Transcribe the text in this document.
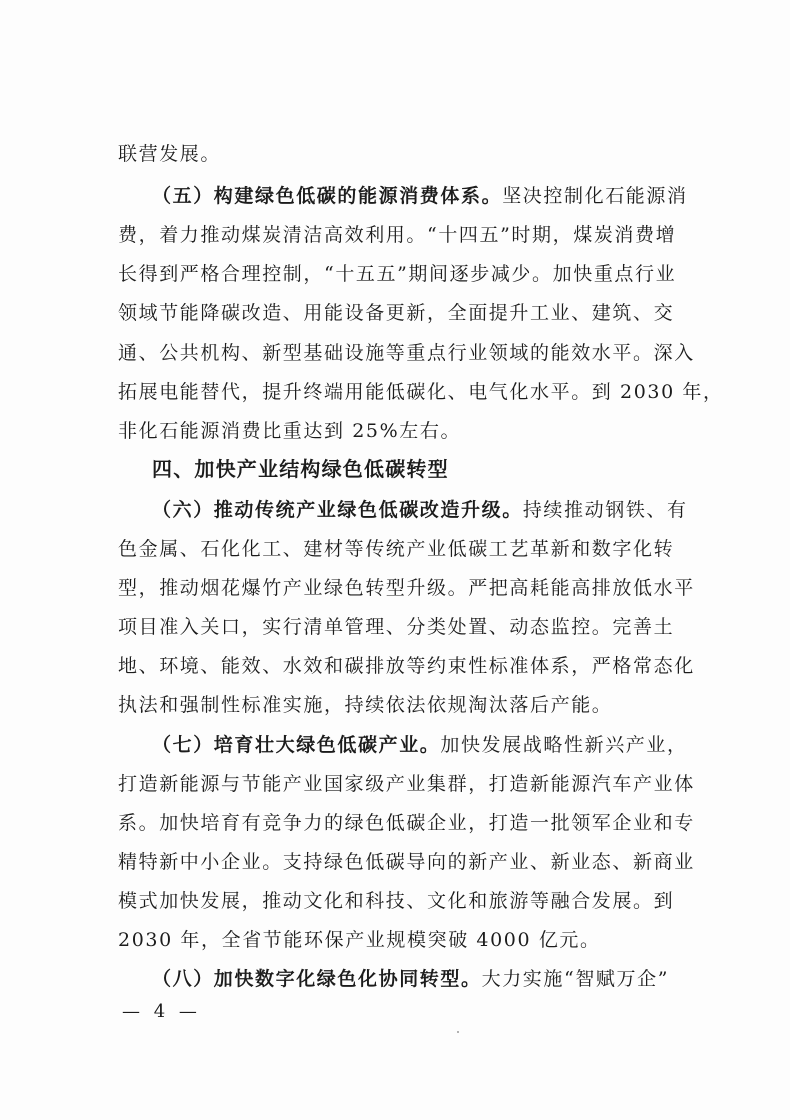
联营发展。
（五）构建绿色低碳的能源消费体系。坚决控制化石能源消
费，着力推动煤炭清洁高效利用。“十四五”时期，煤炭消费增
长得到严格合理控制，“十五五”期间逐步减少。加快重点行业
领域节能降碳改造、用能设备更新，全面提升工业、建筑、交
通、公共机构、新型基础设施等重点行业领域的能效水平。深入
拓展电能替代，提升终端用能低碳化、电气化水平。到 2030 年，
非化石能源消费比重达到 25%左右。
四、加快产业结构绿色低碳转型
（六）推动传统产业绿色低碳改造升级。持续推动钢铁、有
色金属、石化化工、建材等传统产业低碳工艺革新和数字化转
型，推动烟花爆竹产业绿色转型升级。严把高耗能高排放低水平
项目准入关口，实行清单管理、分类处置、动态监控。完善土
地、环境、能效、水效和碳排放等约束性标准体系，严格常态化
执法和强制性标准实施，持续依法依规淘汰落后产能。
（七）培育壮大绿色低碳产业。加快发展战略性新兴产业，
打造新能源与节能产业国家级产业集群，打造新能源汽车产业体
系。加快培育有竞争力的绿色低碳企业，打造一批领军企业和专
精特新中小企业。支持绿色低碳导向的新产业、新业态、新商业
模式加快发展，推动文化和科技、文化和旅游等融合发展。到
2030 年，全省节能环保产业规模突破 4000 亿元。
（八）加快数字化绿色化协同转型。大力实施“智赋万企”
— 4 —
